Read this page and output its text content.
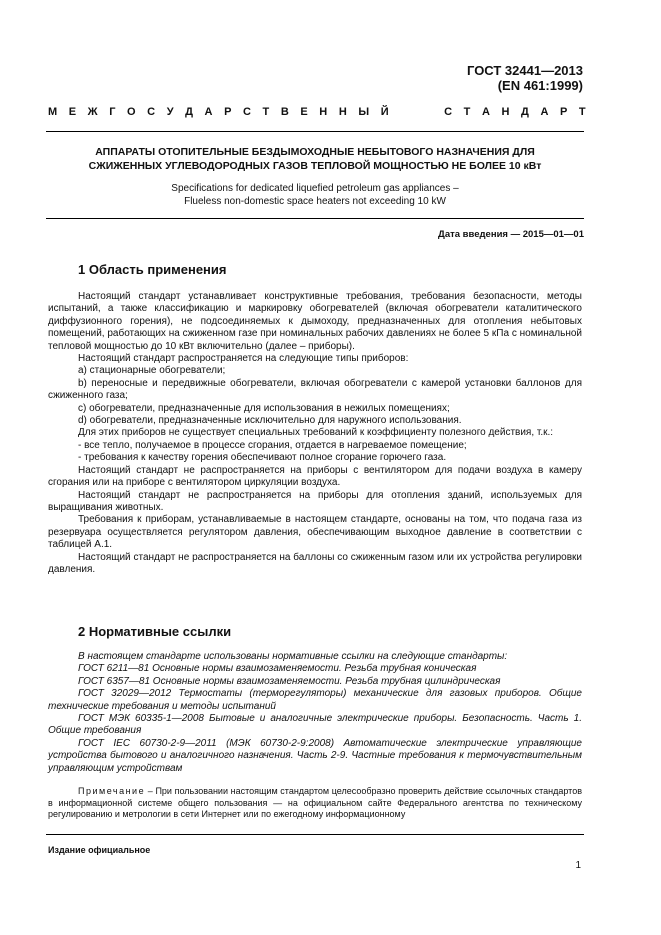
ГОСТ 32441—2013
(EN 461:1999)
М Е Ж Г О С У Д А Р С Т В Е Н Н Ы Й

	С Т А Н Д А Р Т
АППАРАТЫ ОТОПИТЕЛЬНЫЕ БЕЗДЫМОХОДНЫЕ НЕБЫТОВОГО НАЗНАЧЕНИЯ ДЛЯ
СЖИЖЕННЫХ УГЛЕВОДОРОДНЫХ ГАЗОВ ТЕПЛОВОЙ МОЩНОСТЬЮ НЕ БОЛЕЕ 10 кВт
Specifications for dedicated liquefied petroleum gas appliances –
Flueless non-domestic space heaters not exceeding 10 kW
Дата введения — 2015—01—01
1 Область применения

Настоящий стандарт устанавливает конструктивные требования, требования безопасности, методы испытаний, а также классификацию и маркировку обогревателей (включая обогреватели каталитического диффузионного горения), не подсоединяемых к дымоходу, предназначенных для отопления небытовых помещений, работающих на сжиженном газе при номинальных рабочих давлениях не более 5 кПа с номинальной тепловой мощностью до 10 кВт включительно (далее – приборы).

Настоящий стандарт распространяется на следующие типы приборов:

a) стационарные обогреватели;

b) переносные и передвижные обогреватели, включая обогреватели с камерой установки баллонов для сжиженного газа;

c) обогреватели, предназначенные для использования в нежилых помещениях;

d) обогреватели, предназначенные исключительно для наружного использования.

Для этих приборов не существует специальных требований к коэффициенту полезного действия, т.к.:

- все тепло, получаемое в процессе сгорания, отдается в нагреваемое помещение;

- требования к качеству горения обеспечивают полное сгорание горючего газа.

Настоящий стандарт не распространяется на приборы с вентилятором для подачи воздуха в камеру сгорания или на приборе с вентилятором циркуляции воздуха.

Настоящий стандарт не распространяется на приборы для отопления зданий, используемых для выращивания животных.

Требования к приборам, устанавливаемые в настоящем стандарте, основаны на том, что подача газа из резервуара осуществляется регулятором давления, обеспечивающим выходное давление в соответствии с таблицей А.1.

Настоящий стандарт не распространяется на баллоны со сжиженным газом или их устройства регулировки давления.

2 Нормативные ссылки

В настоящем стандарте использованы нормативные ссылки на следующие стандарты:

ГОСТ 6211—81 Основные нормы взаимозаменяемости. Резьба трубная коническая

ГОСТ 6357—81 Основные нормы взаимозаменяемости. Резьба трубная цилиндрическая

ГОСТ 32029—2012 Термостаты (терморегуляторы) механические для газовых приборов. Общие технические требования и методы испытаний

ГОСТ МЭК 60335-1—2008 Бытовые и аналогичные электрические приборы. Безопасность. Часть 1. Общие требования

ГОСТ IEC 60730-2-9—2011 (МЭК 60730-2-9:2008) Автоматические электрические управляющие устройства бытового и аналогичного назначения. Часть 2-9. Частные требования к термочувствительным управляющим устройствам

Примечание – При пользовании настоящим стандартом целесообразно проверить действие ссылочных стандартов в информационной системе общего пользования — на официальном сайте Федерального агентства по техническому регулированию и метрологии в сети Интернет или по ежегодному информационному

Издание официальное
1
